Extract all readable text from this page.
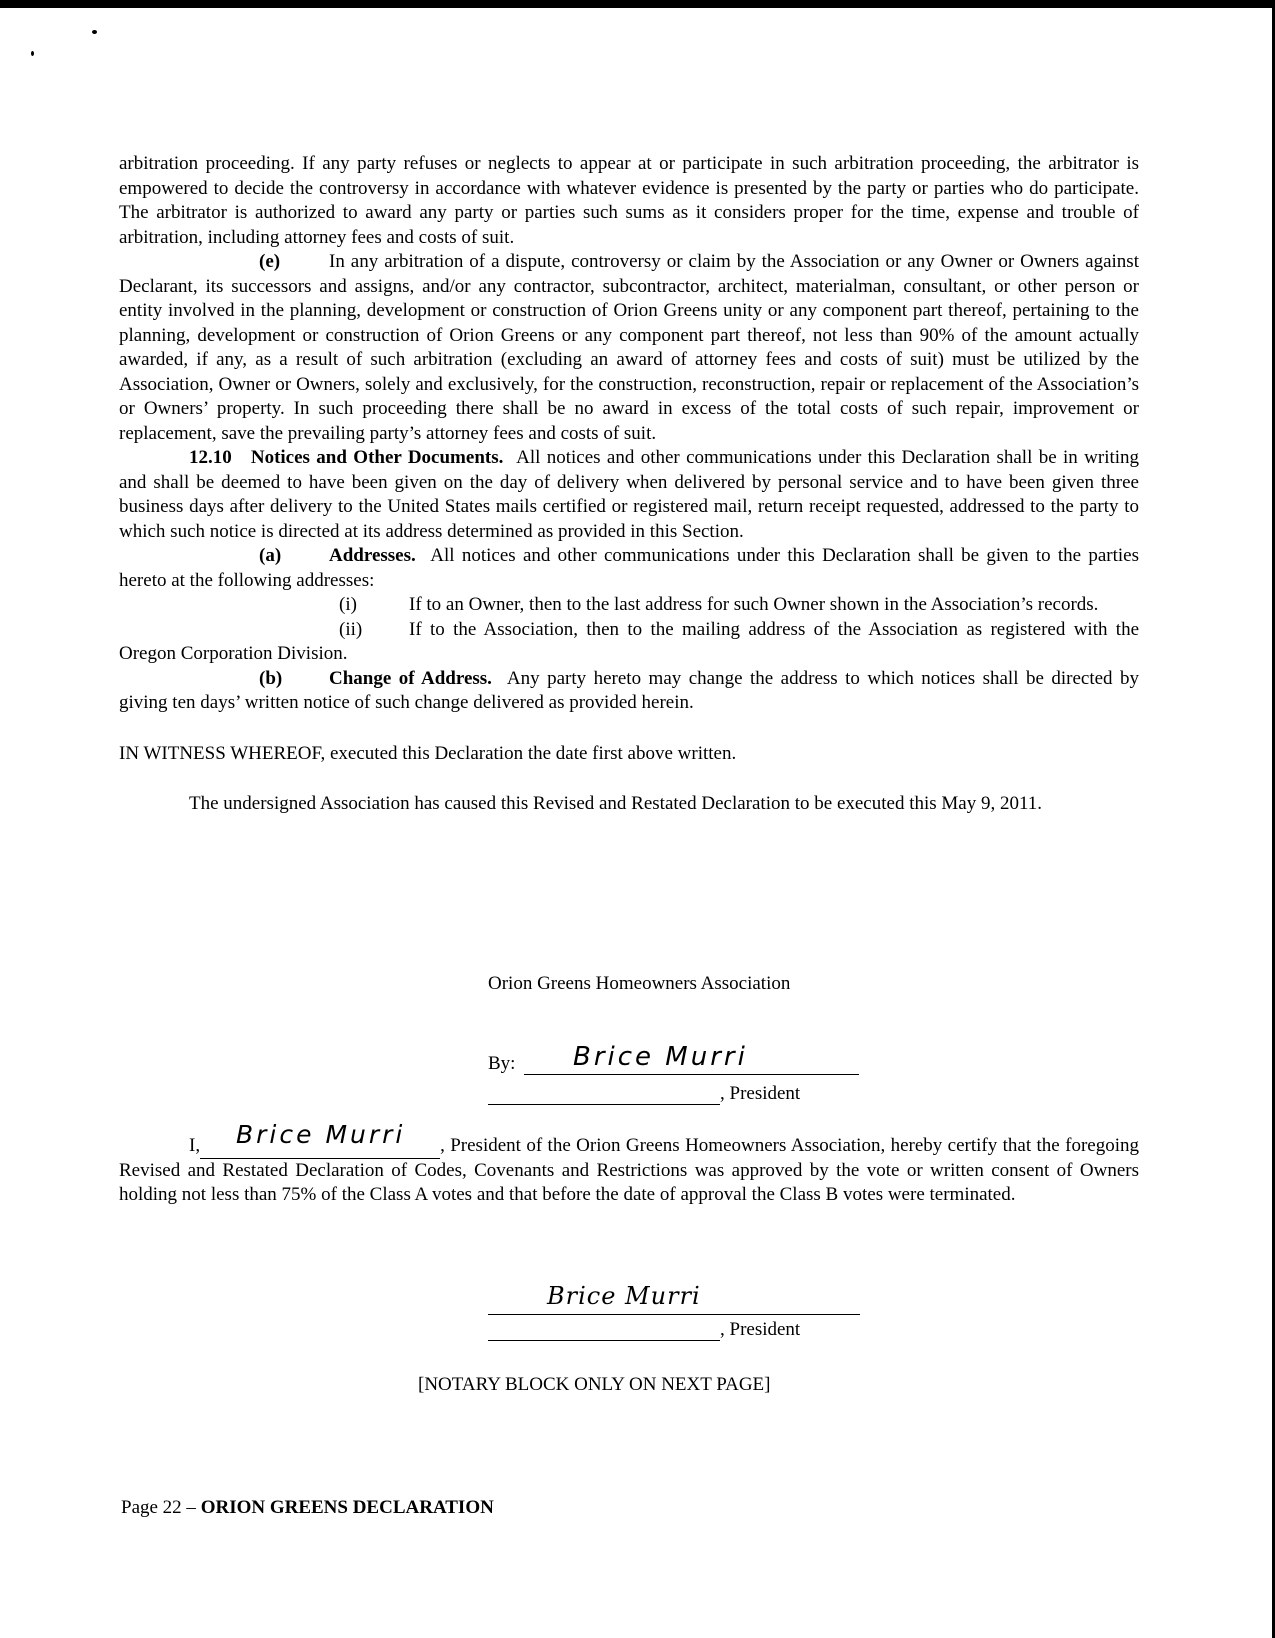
arbitration proceeding. If any party refuses or neglects to appear at or participate in such arbitration proceeding, the arbitrator is empowered to decide the controversy in accordance with whatever evidence is presented by the party or parties who do participate. The arbitrator is authorized to award any party or parties such sums as it considers proper for the time, expense and trouble of arbitration, including attorney fees and costs of suit.

(e)	In any arbitration of a dispute, controversy or claim by the Association or any Owner or Owners against Declarant, its successors and assigns, and/or any contractor, subcontractor, architect, materialman, consultant, or other person or entity involved in the planning, development or construction of Orion Greens unity or any component part thereof, pertaining to the planning, development or construction of Orion Greens or any component part thereof, not less than 90% of the amount actually awarded, if any, as a result of such arbitration (excluding an award of attorney fees and costs of suit) must be utilized by the Association, Owner or Owners, solely and exclusively, for the construction, reconstruction, repair or replacement of the Association’s or Owners’ property. In such proceeding there shall be no award in excess of the total costs of such repair, improvement or replacement, save the prevailing party’s attorney fees and costs of suit.

12.10 Notices and Other Documents. All notices and other communications under this Declaration shall be in writing and shall be deemed to have been given on the day of delivery when delivered by personal service and to have been given three business days after delivery to the United States mails certified or registered mail, return receipt requested, addressed to the party to which such notice is directed at its address determined as provided in this Section.

(a)	Addresses. All notices and other communications under this Declaration shall be given to the parties hereto at the following addresses:

(i)	If to an Owner, then to the last address for such Owner shown in the Association’s records.

(ii) If to the Association, then to the mailing address of the Association as registered with the Oregon Corporation Division.

(b) Change of Address. Any party hereto may change the address to which notices shall be directed by giving ten days’ written notice of such change delivered as provided herein.

IN WITNESS WHEREOF, executed this Declaration the date first above written.

The undersigned Association has caused this Revised and Restated Declaration to be executed this May 9, 2011.

Orion Greens Homeowners Association
By:	Brice Murri
, President

I,	, President of the Orion Greens Homeowners Association, hereby certify that the foregoing Revised and Restated Declaration of Codes, Covenants and Restrictions was approved by the vote or written consent of Owners holding not less than 75% of the Class A votes and that before the date of approval the Class B votes were terminated.

Brice Murri
Brice Murri
, President
[NOTARY BLOCK ONLY ON NEXT PAGE]
Page 22 – ORION GREENS DECLARATION
